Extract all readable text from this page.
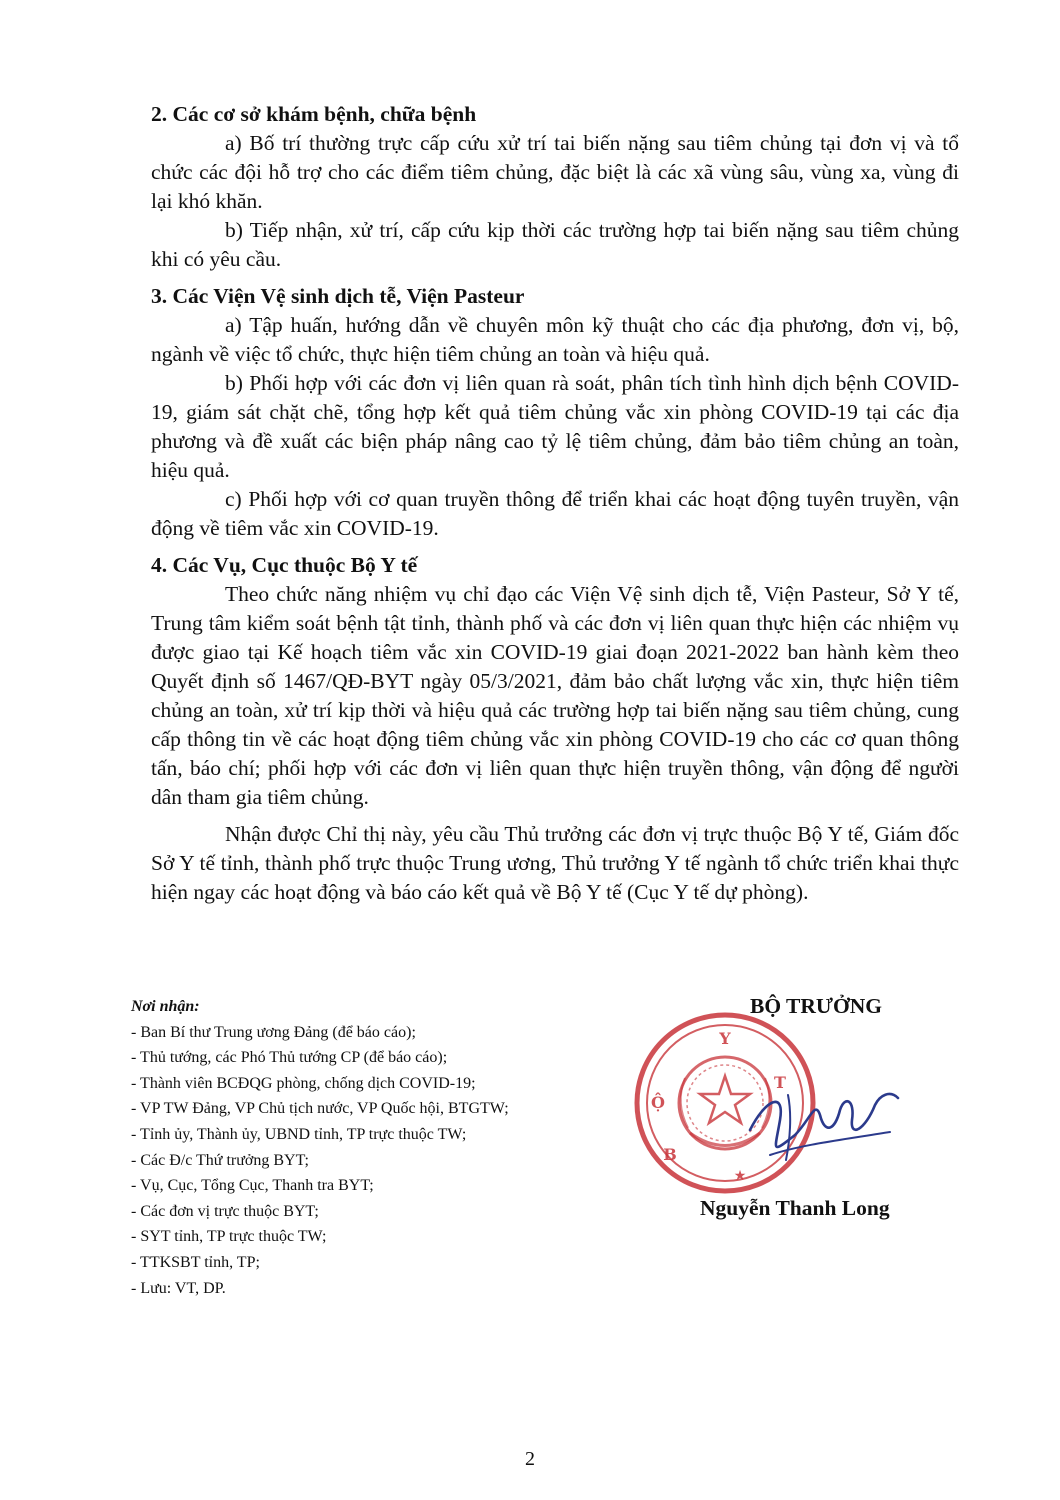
2. Các cơ sở khám bệnh, chữa bệnh

a) Bố trí thường trực cấp cứu xử trí tai biến nặng sau tiêm chủng tại đơn vị và tổ chức các đội hỗ trợ cho các điểm tiêm chủng, đặc biệt là các xã vùng sâu, vùng xa, vùng đi lại khó khăn.

b) Tiếp nhận, xử trí, cấp cứu kịp thời các trường hợp tai biến nặng sau tiêm chủng khi có yêu cầu.

3. Các Viện Vệ sinh dịch tễ, Viện Pasteur

a) Tập huấn, hướng dẫn về chuyên môn kỹ thuật cho các địa phương, đơn vị, bộ, ngành về việc tổ chức, thực hiện tiêm chủng an toàn và hiệu quả.

b) Phối hợp với các đơn vị liên quan rà soát, phân tích tình hình dịch bệnh COVID-19, giám sát chặt chẽ, tổng hợp kết quả tiêm chủng vắc xin phòng COVID-19 tại các địa phương và đề xuất các biện pháp nâng cao tỷ lệ tiêm chủng, đảm bảo tiêm chủng an toàn, hiệu quả.

c) Phối hợp với cơ quan truyền thông để triển khai các hoạt động tuyên truyền, vận động về tiêm vắc xin COVID-19.

4. Các Vụ, Cục thuộc Bộ Y tế

Theo chức năng nhiệm vụ chỉ đạo các Viện Vệ sinh dịch tễ, Viện Pasteur, Sở Y tế, Trung tâm kiểm soát bệnh tật tỉnh, thành phố và các đơn vị liên quan thực hiện các nhiệm vụ được giao tại Kế hoạch tiêm vắc xin COVID-19 giai đoạn 2021-2022 ban hành kèm theo Quyết định số 1467/QĐ-BYT ngày 05/3/2021, đảm bảo chất lượng vắc xin, thực hiện tiêm chủng an toàn, xử trí kịp thời và hiệu quả các trường hợp tai biến nặng sau tiêm chủng, cung cấp thông tin về các hoạt động tiêm chủng vắc xin phòng COVID-19 cho các cơ quan thông tấn, báo chí; phối hợp với các đơn vị liên quan thực hiện truyền thông, vận động để người dân tham gia tiêm chủng.

Nhận được Chỉ thị này, yêu cầu Thủ trưởng các đơn vị trực thuộc Bộ Y tế, Giám đốc Sở Y tế tỉnh, thành phố trực thuộc Trung ương, Thủ trưởng Y tế ngành tổ chức triển khai thực hiện ngay các hoạt động và báo cáo kết quả về Bộ Y tế (Cục Y tế dự phòng).

Nơi nhận:

- Ban Bí thư Trung ương Đảng (để báo cáo);
- Thủ tướng, các Phó Thủ tướng CP (để báo cáo);
- Thành viên BCĐQG phòng, chống dịch COVID-19;
- VP TW Đảng, VP Chủ tịch nước, VP Quốc hội, BTGTW;
- Tỉnh ủy, Thành ủy, UBND tỉnh, TP trực thuộc TW;
- Các Đ/c Thứ trưởng BYT;
- Vụ, Cục, Tổng Cục, Thanh tra BYT;
- Các đơn vị trực thuộc BYT;
- SYT tỉnh, TP trực thuộc TW;
- TTKSBT tỉnh, TP;
- Lưu: VT, DP.
BỘ TRƯỞNG
Y
Ộ
B
T
★
Nguyễn Thanh Long
2
